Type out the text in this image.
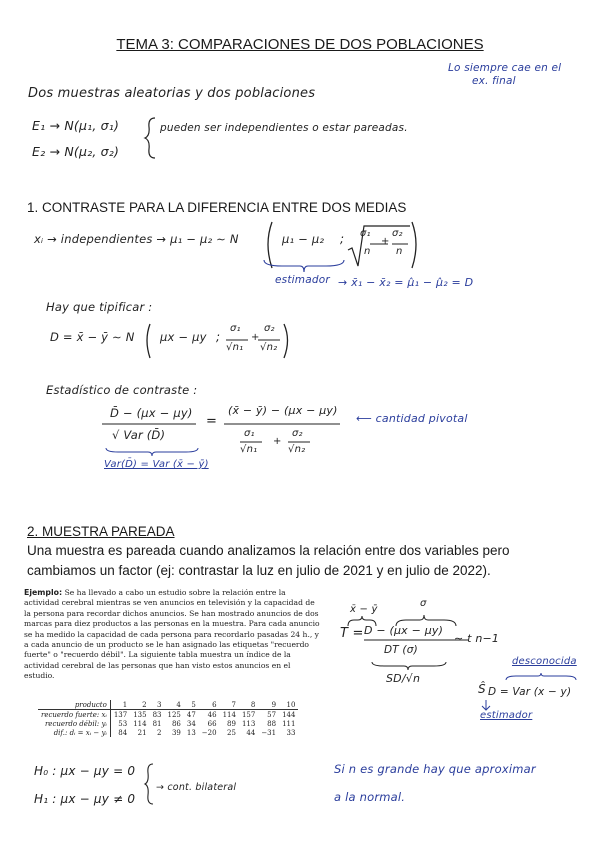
TEMA 3: COMPARACIONES DE DOS POBLACIONES
Lo siempre cae en el
ex. final
Dos muestras aleatorias y dos poblaciones
E₁ → N(μ₁, σ₁)
E₂ → N(μ₂, σ₂)
pueden ser independientes o estar pareadas.
1. CONTRASTE PARA LA DIFERENCIA ENTRE DOS MEDIAS
xᵢ → independientes → μ₁ − μ₂ ∼ N	μ₁ − μ₂ ; σ₁
n
+
σ₂
n
estimador → x̄₁ − x̄₂ = μ̂₁ − μ̂₂ = D
Hay que tipificar :
D = x̄ − ȳ ∼ N μx − μy ;
σ₁
√n₁
+
σ₂
√n₂
Estadístico de contraste :
D̄ − (μx − μy)
√ Var (D̄)
=
(x̄ − ȳ) − (μx − μy)
σ₁
√n₁
+
σ₂
√n₂
⟵ cantidad pivotal
Var(D̄) = Var (x̄ − ȳ)
2. MUESTRA PAREADA
Una muestra es pareada cuando analizamos la relación entre dos variables pero cambiamos un factor (ej: contrastar la luz en julio de 2021 y en julio de 2022).
Ejemplo: Se ha llevado a cabo un estudio sobre la relación entre la actividad cerebral mientras se ven anuncios en televisión y la capacidad de la persona para recordar dichos anuncios. Se han mostrado anuncios de dos marcas para diez productos a las personas en la muestra. Para cada anuncio se ha medido la capacidad de cada persona para recordarlo pasadas 24 h., y a cada anuncio de un producto se le han asignado las etiquetas "recuerdo fuerte" o "recuerdo débil". La siguiente tabla muestra un índice de la actividad cerebral de las personas que han visto estos anuncios en el estudio.
producto	1	2	3	4	5	6	7	8	9	10
recuerdo fuerte: xᵢ	137	135	83	125	47	46	114	157	57	144
recuerdo débil: yᵢ	53	114	81	86	34	66	89	113	88	111
dif.: dᵢ = xᵢ − yᵢ	84	21	2	39	13	−20	25	44	−31	33
x̄ − ȳ
σ
T = D − (μx − μy)
DT (σ)
∼ t n−1
SD/√n
desconocida
Ŝ D = Var (x − y)
estimador
H₀ : μx − μy = 0
H₁ : μx − μy ≠ 0
→ cont. bilateral
Si n es grande hay que aproximar
a la normal.
